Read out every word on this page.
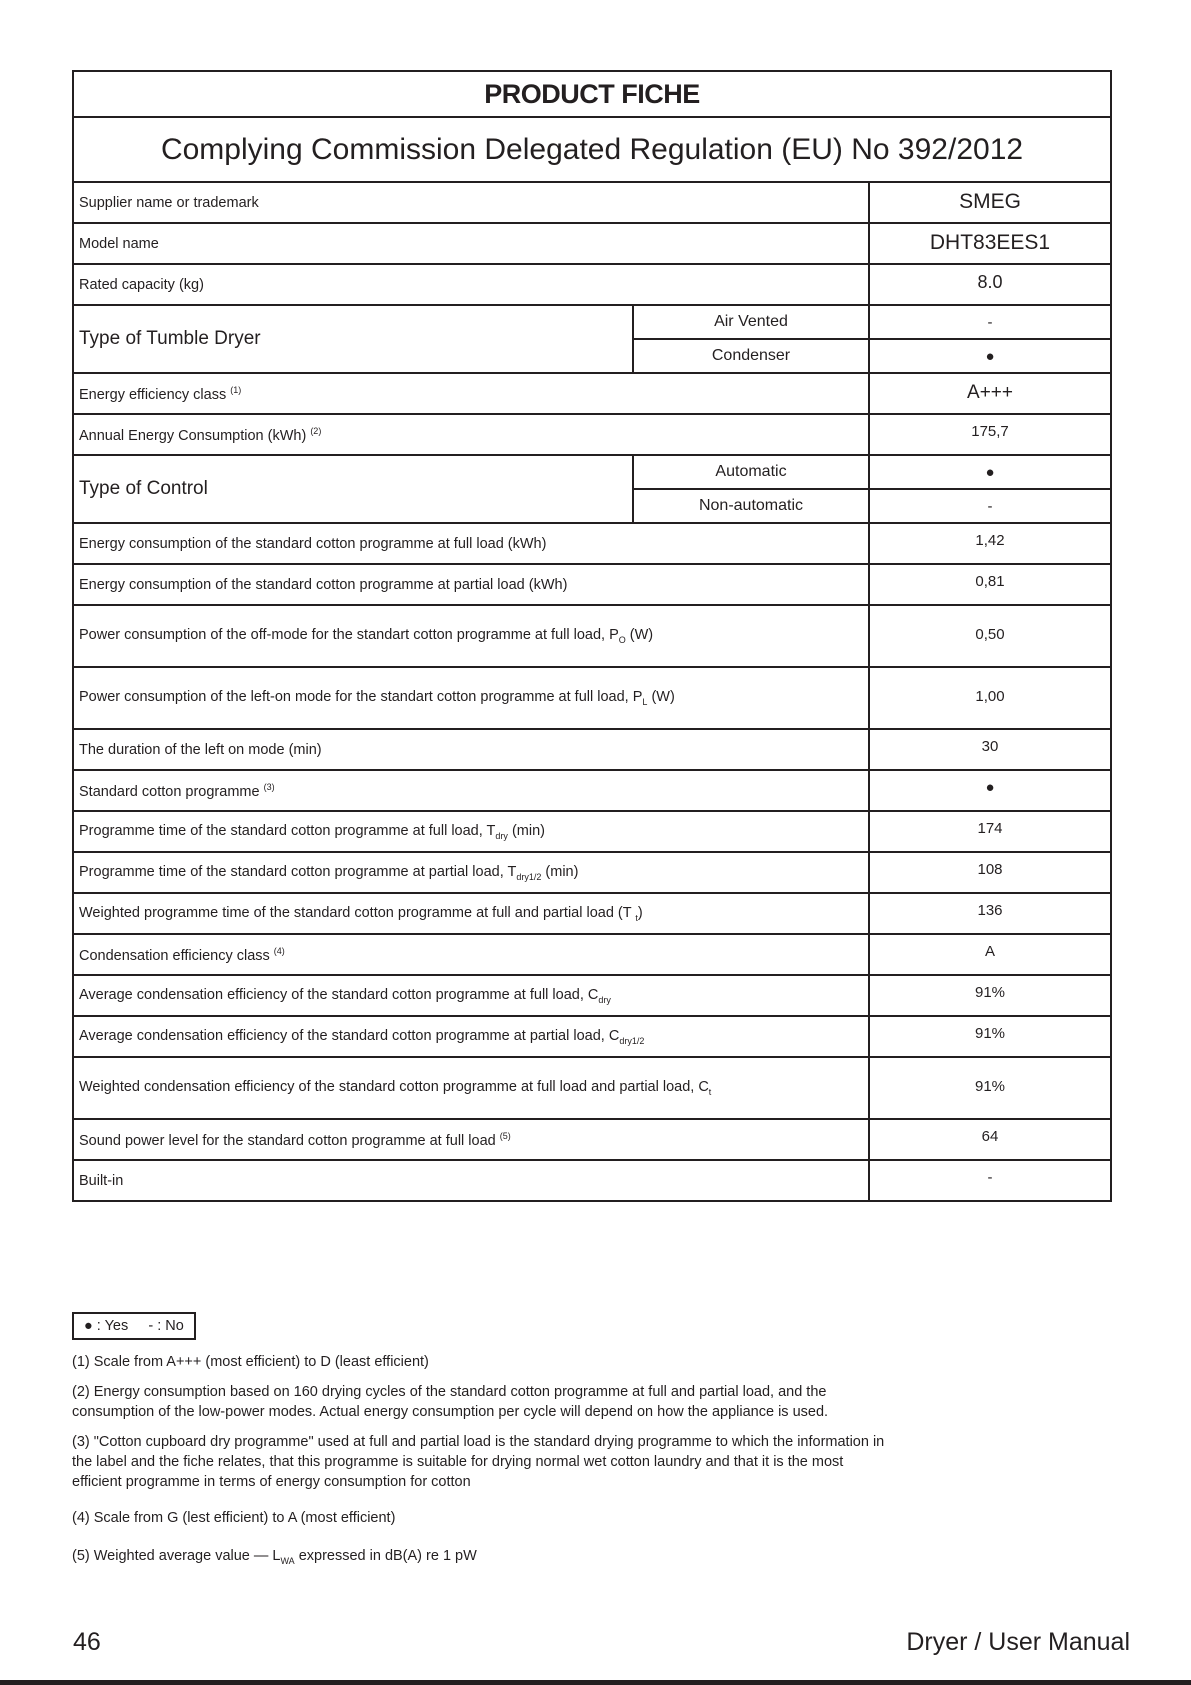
PRODUCT FICHE		
Complying Commission Delegated Regulation (EU) No 392/2012		
Supplier name or trademark		SMEG
Model name		DHT83EES1
Rated capacity (kg)		8.0
Type of Tumble Dryer	Air Vented	-
	Condenser	●
Energy efficiency class $^{(1)}$		A+++
Annual Energy Consumption (kWh) $^{(2)}$		175,7
Type of Control	Automatic	●
	Non-automatic	-
Energy consumption of the standard cotton programme at full load (kWh)		1,42
Energy consumption of the standard cotton programme at partial load (kWh)		0,81
Power consumption of the off-mode for the standart cotton programme at full load, $P_O$ (W)		0,50
Power consumption of the left-on mode for the standart cotton programme at full load, $P_L$ (W)		1,00
The duration of the left on mode (min)		30
Standard cotton programme $^{(3)}$		●
Programme time of the standard cotton programme at full load, $T_{dry}$ (min)		174
Programme time of the standard cotton programme at partial load, $T_{dry1/2}$ (min)		108
Weighted programme time of the standard cotton programme at full and partial load (T $_t$)		136
Condensation efficiency class $^{(4)}$		A
Average condensation efficiency of the standard cotton programme at full load, $C_{dry}$		91%
Average condensation efficiency of the standard cotton programme at partial load, $C_{dry1/2}$		91%
Weighted condensation efficiency of the standard cotton programme at full load and partial load, $C_t$		91%
Sound power level for the standard cotton programme at full load $^{(5)}$		64
Built-in		-
● : Yes     - : No

(1) Scale from A+++ (most efficient) to D (least efficient)

(2) Energy consumption based on 160 drying cycles of the standard cotton programme at full and partial load, and the consumption of the low-power modes. Actual energy consumption per cycle will depend on how the appliance is used.

(3) "Cotton cupboard dry programme" used at full and partial load is the standard drying programme to which the information in the label and the fiche relates, that this programme is suitable for drying normal wet cotton laundry and that it is the most efficient programme in terms of energy consumption for cotton

(4) Scale from G (lest efficient) to A (most efficient)

(5) Weighted average value — $L_{WA}$ expressed in dB(A) re 1 pW

46	Dryer / User Manual
